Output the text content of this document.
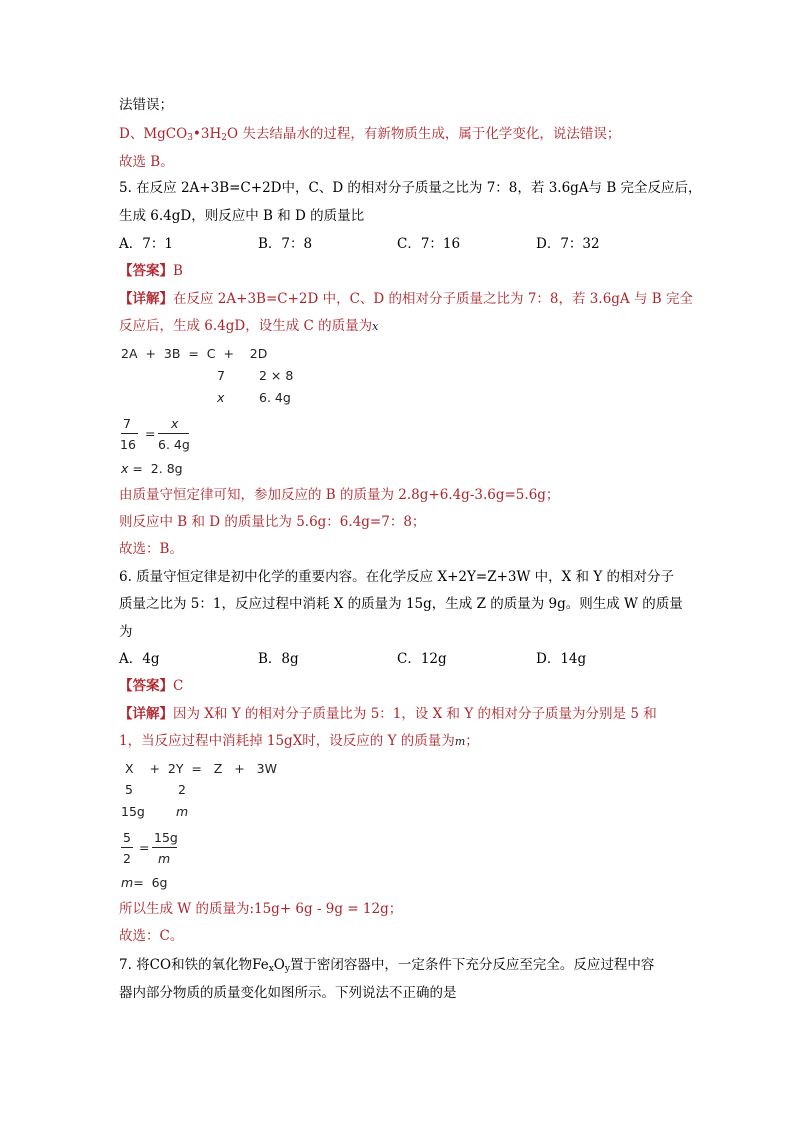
法错误；
D、$MgCO_3•3H_2O$ 失去结晶水的过程，有新物质生成，属于化学变化，说法错误；
故选 B。
5. 在反应 2A+3B=C+2D中，C、D 的相对分子质量之比为 7：8，若 3.6gA与 B 完全反应后，
生成 6.4gD，则反应中 B 和 D 的质量比
A．7：1	B．7：8	C．7：16	D．7：32
【答案】B
【详解】在反应 2A+3B=C+2D 中，C、D 的相对分子质量之比为 7：8，若 3.6gA 与 B 完全
反应后，生成 6.4gD，设生成 C 的质量为x
2A  +  3B  =  C  +    2D
7	2 × 8
x	6. 4g
7
16
=
x
6. 4g
x =  2. 8g
由质量守恒定律可知，参加反应的 B 的质量为 2.8g+6.4g-3.6g=5.6g；
则反应中 B 和 D 的质量比为 5.6g：6.4g=7：8；
故选：B。
6. 质量守恒定律是初中化学的重要内容。在化学反应 X+2Y=Z+3W 中，X 和 Y 的相对分子
质量之比为 5：1，反应过程中消耗 X 的质量为 15g，生成 Z 的质量为 9g。则生成 W 的质量
为
A．4g	B．8g	C．12g	D．14g
【答案】C
【详解】因为 X和 Y 的相对分子质量比为 5：1，设 X 和 Y 的相对分子质量为分别是 5 和
1，当反应过程中消耗掉 15gX时，设反应的 Y 的质量为m；
X    +  2Y  =   Z   +   3W
5	2
15g m
5
2
=
15g
m
m=  6g
所以生成 W 的质量为:15g+ 6g - 9g = 12g；
故选：C。
7. 将CO和铁的氧化物$Fe_xO_y$置于密闭容器中，一定条件下充分反应至完全。反应过程中容
器内部分物质的质量变化如图所示。下列说法不正确的是
